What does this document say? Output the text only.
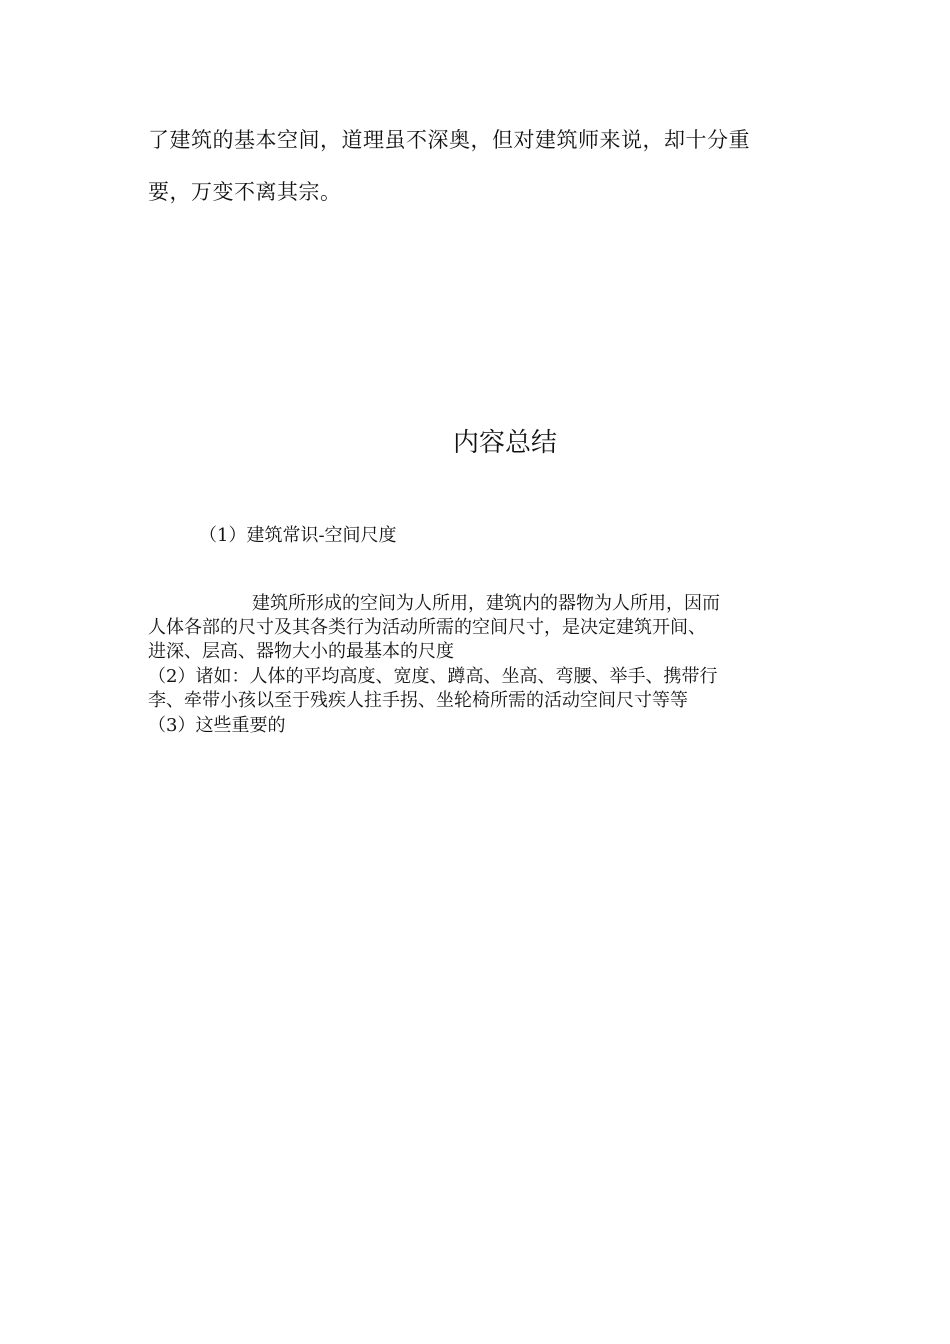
了建筑的基本空间，道理虽不深奥，但对建筑师来说，却十分重

要，万变不离其宗。

内容总结

（1）建筑常识-空间尺度

建筑所形成的空间为人所用，建筑内的器物为人所用，因而

人体各部的尺寸及其各类行为活动所需的空间尺寸，是决定建筑开间、

进深、层高、器物大小的最基本的尺度

（2）诸如：人体的平均高度、宽度、蹲高、坐高、弯腰、举手、携带行

李、牵带小孩以至于残疾人拄手拐、坐轮椅所需的活动空间尺寸等等

（3）这些重要的
